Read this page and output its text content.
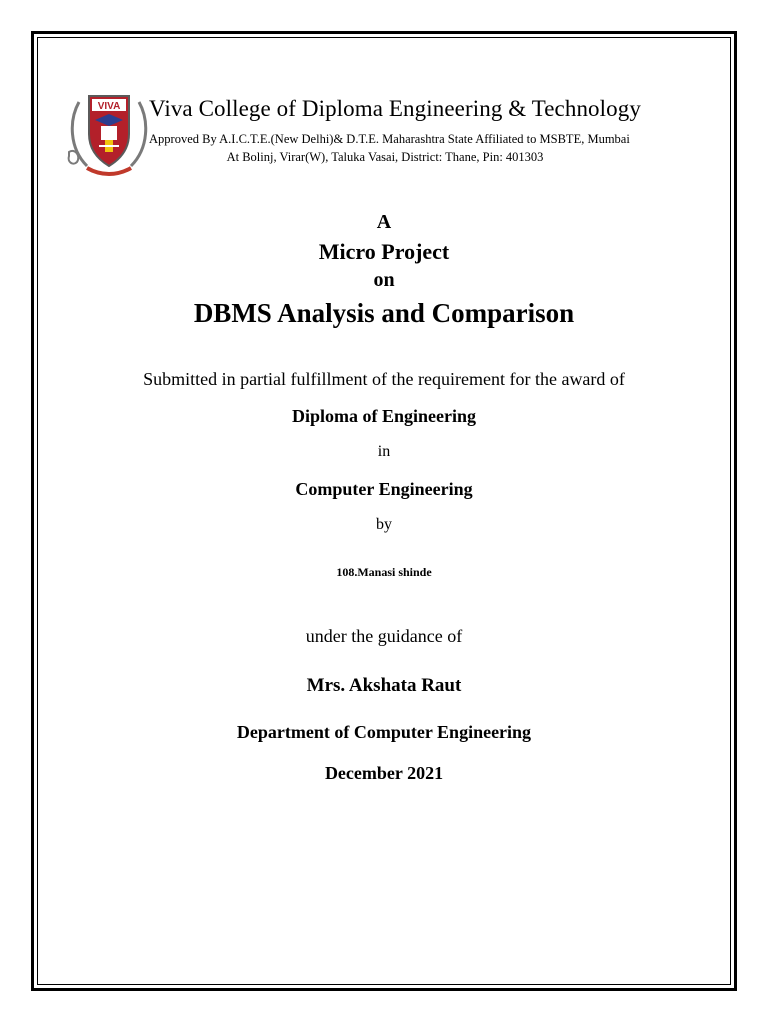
VIVA Viva College of Diploma Engineering & Technology
Approved By A.I.C.T.E.(New Delhi)& D.T.E. Maharashtra State Affiliated to MSBTE, Mumbai
At Bolinj, Virar(W), Taluka Vasai, District: Thane, Pin: 401303
A
Micro Project
on
DBMS Analysis and Comparison
Submitted in partial fulfillment of the requirement for the award of
Diploma of Engineering
in
Computer Engineering
by
108.Manasi shinde
under the guidance of
Mrs. Akshata Raut
Department of Computer Engineering
December 2021
